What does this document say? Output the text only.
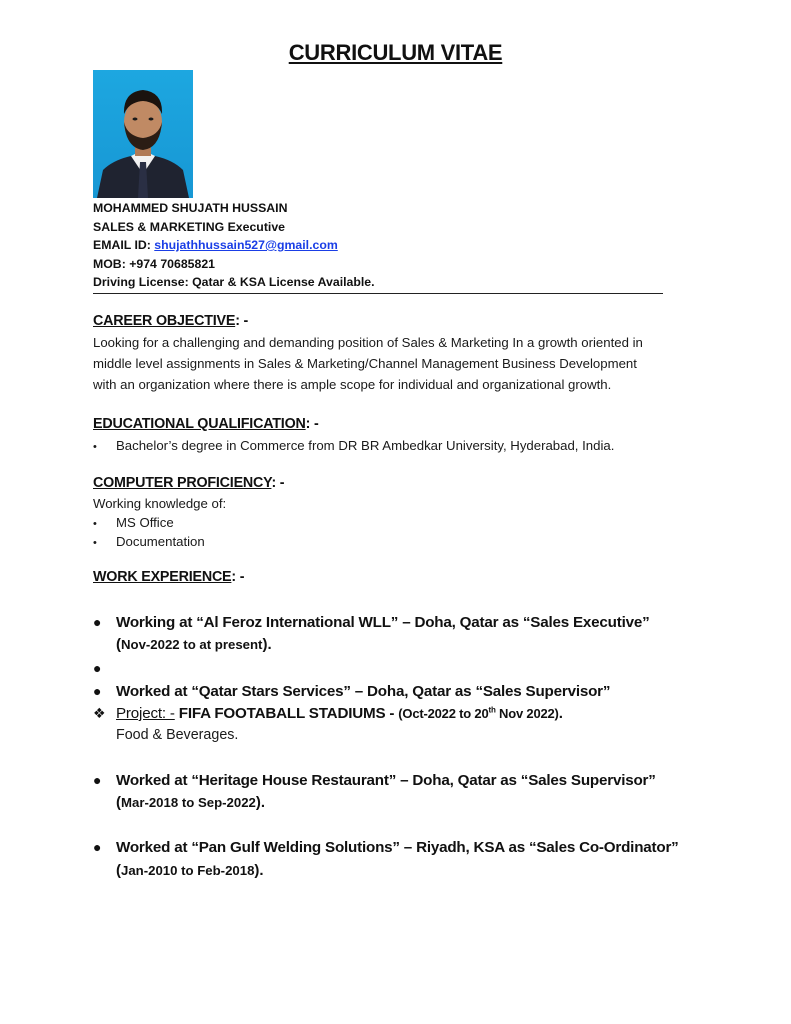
CURRICULUM VITAE
MOHAMMED SHUJATH HUSSAIN
SALES & MARKETING Executive
EMAIL ID: shujathhussain527@gmail.com
MOB: +974 70685821
Driving License: Qatar & KSA License Available.
CAREER OBJECTIVE: -
Looking for a challenging and demanding position of Sales & Marketing In a growth oriented in
middle level assignments in Sales & Marketing/Channel Management Business Development
with an organization where there is ample scope for individual and organizational growth.
EDUCATIONAL QUALIFICATION: -
• Bachelor’s degree in Commerce from DR BR Ambedkar University, Hyderabad, India.
COMPUTER PROFICIENCY: -
Working knowledge of:
• MS Office
• Documentation
WORK EXPERIENCE: -
● Working at “Al Feroz International WLL” – Doha, Qatar as “Sales Executive”
(Nov-2022 to at present).
●
● Worked at “Qatar Stars Services” – Doha, Qatar as “Sales Supervisor”
❖ Project: - FIFA FOOTABALL STADIUMS - (Oct-2022 to 20th Nov 2022).
Food & Beverages.
● Worked at “Heritage House Restaurant” – Doha, Qatar as “Sales Supervisor”
(Mar-2018 to Sep-2022).
● Worked at “Pan Gulf Welding Solutions” – Riyadh, KSA as “Sales Co-Ordinator”
(Jan-2010 to Feb-2018).
